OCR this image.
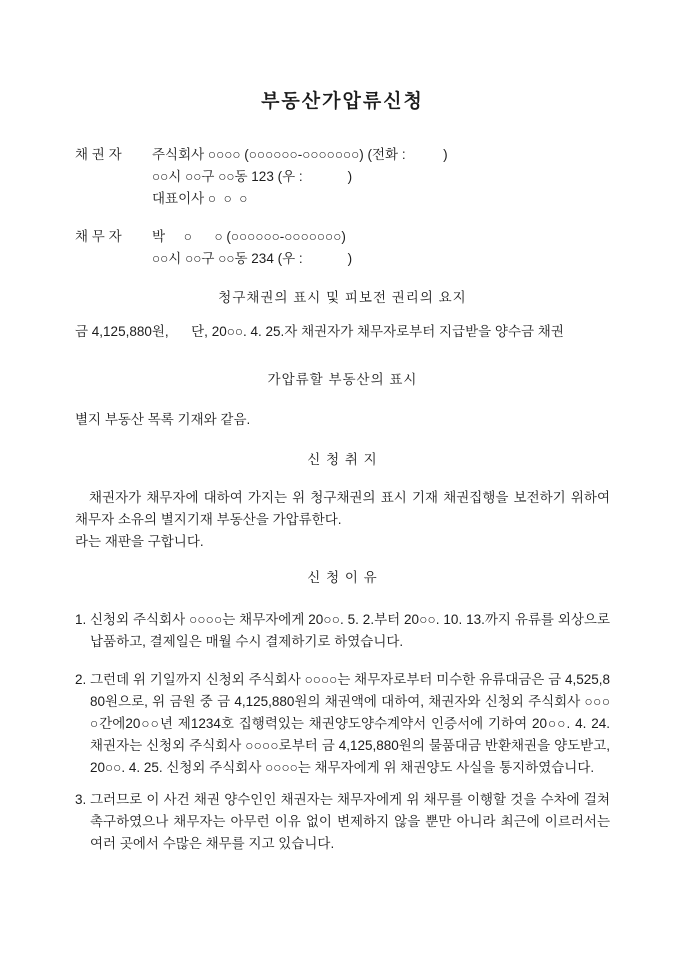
부동산가압류신청
채 권 자	주식회사 ○○○○ (○○○○○○-○○○○○○○) (전화 :          )
○○시 ○○구 ○○동 123 (우 :            )
대표이사 ○  ○  ○
채 무 자	박     ○      ○ (○○○○○○-○○○○○○○)
○○시 ○○구 ○○동 234 (우 :            )
청구채권의 표시 및 피보전 권리의 요지
금 4,125,880원,      단, 20○○. 4. 25.자 채권자가 채무자로부터 지급받을 양수금 채권
가압류할 부동산의 표시
별지 부동산 목록 기재와 같음.
신 청 취 지
채권자가 채무자에 대하여 가지는 위 청구채권의 표시 기재 채권집행을 보전하기 위하여 채무자 소유의 별지기재 부동산을 가압류한다.
라는 재판을 구합니다.
신 청 이 유
1. 신청외 주식회사 ○○○○는 채무자에게 20○○. 5. 2.부터 20○○. 10. 13.까지 유류를 외상으로 납품하고, 결제일은 매월 수시 결제하기로 하였습니다.
2. 그런데 위 기일까지 신청외 주식회사 ○○○○는 채무자로부터 미수한 유류대금은 금 4,525,880원으로, 위 금원 중 금 4,125,880원의 채권액에 대하여, 채권자와 신청외 주식회사 ○○○○간에20○○년 제1234호 집행력있는 채권양도양수계약서 인증서에 기하여 20○○. 4. 24. 채권자는 신청외 주식회사 ○○○○로부터 금 4,125,880원의 물품대금 반환채권을 양도받고, 20○○. 4. 25. 신청외 주식회사 ○○○○는 채무자에게 위 채권양도 사실을 통지하였습니다.
3. 그러므로 이 사건 채권 양수인인 채권자는 채무자에게 위 채무를 이행할 것을 수차에 걸쳐 촉구하였으나 채무자는 아무런 이유 없이 변제하지 않을 뿐만 아니라 최근에 이르러서는 여러 곳에서 수많은 채무를 지고 있습니다.
